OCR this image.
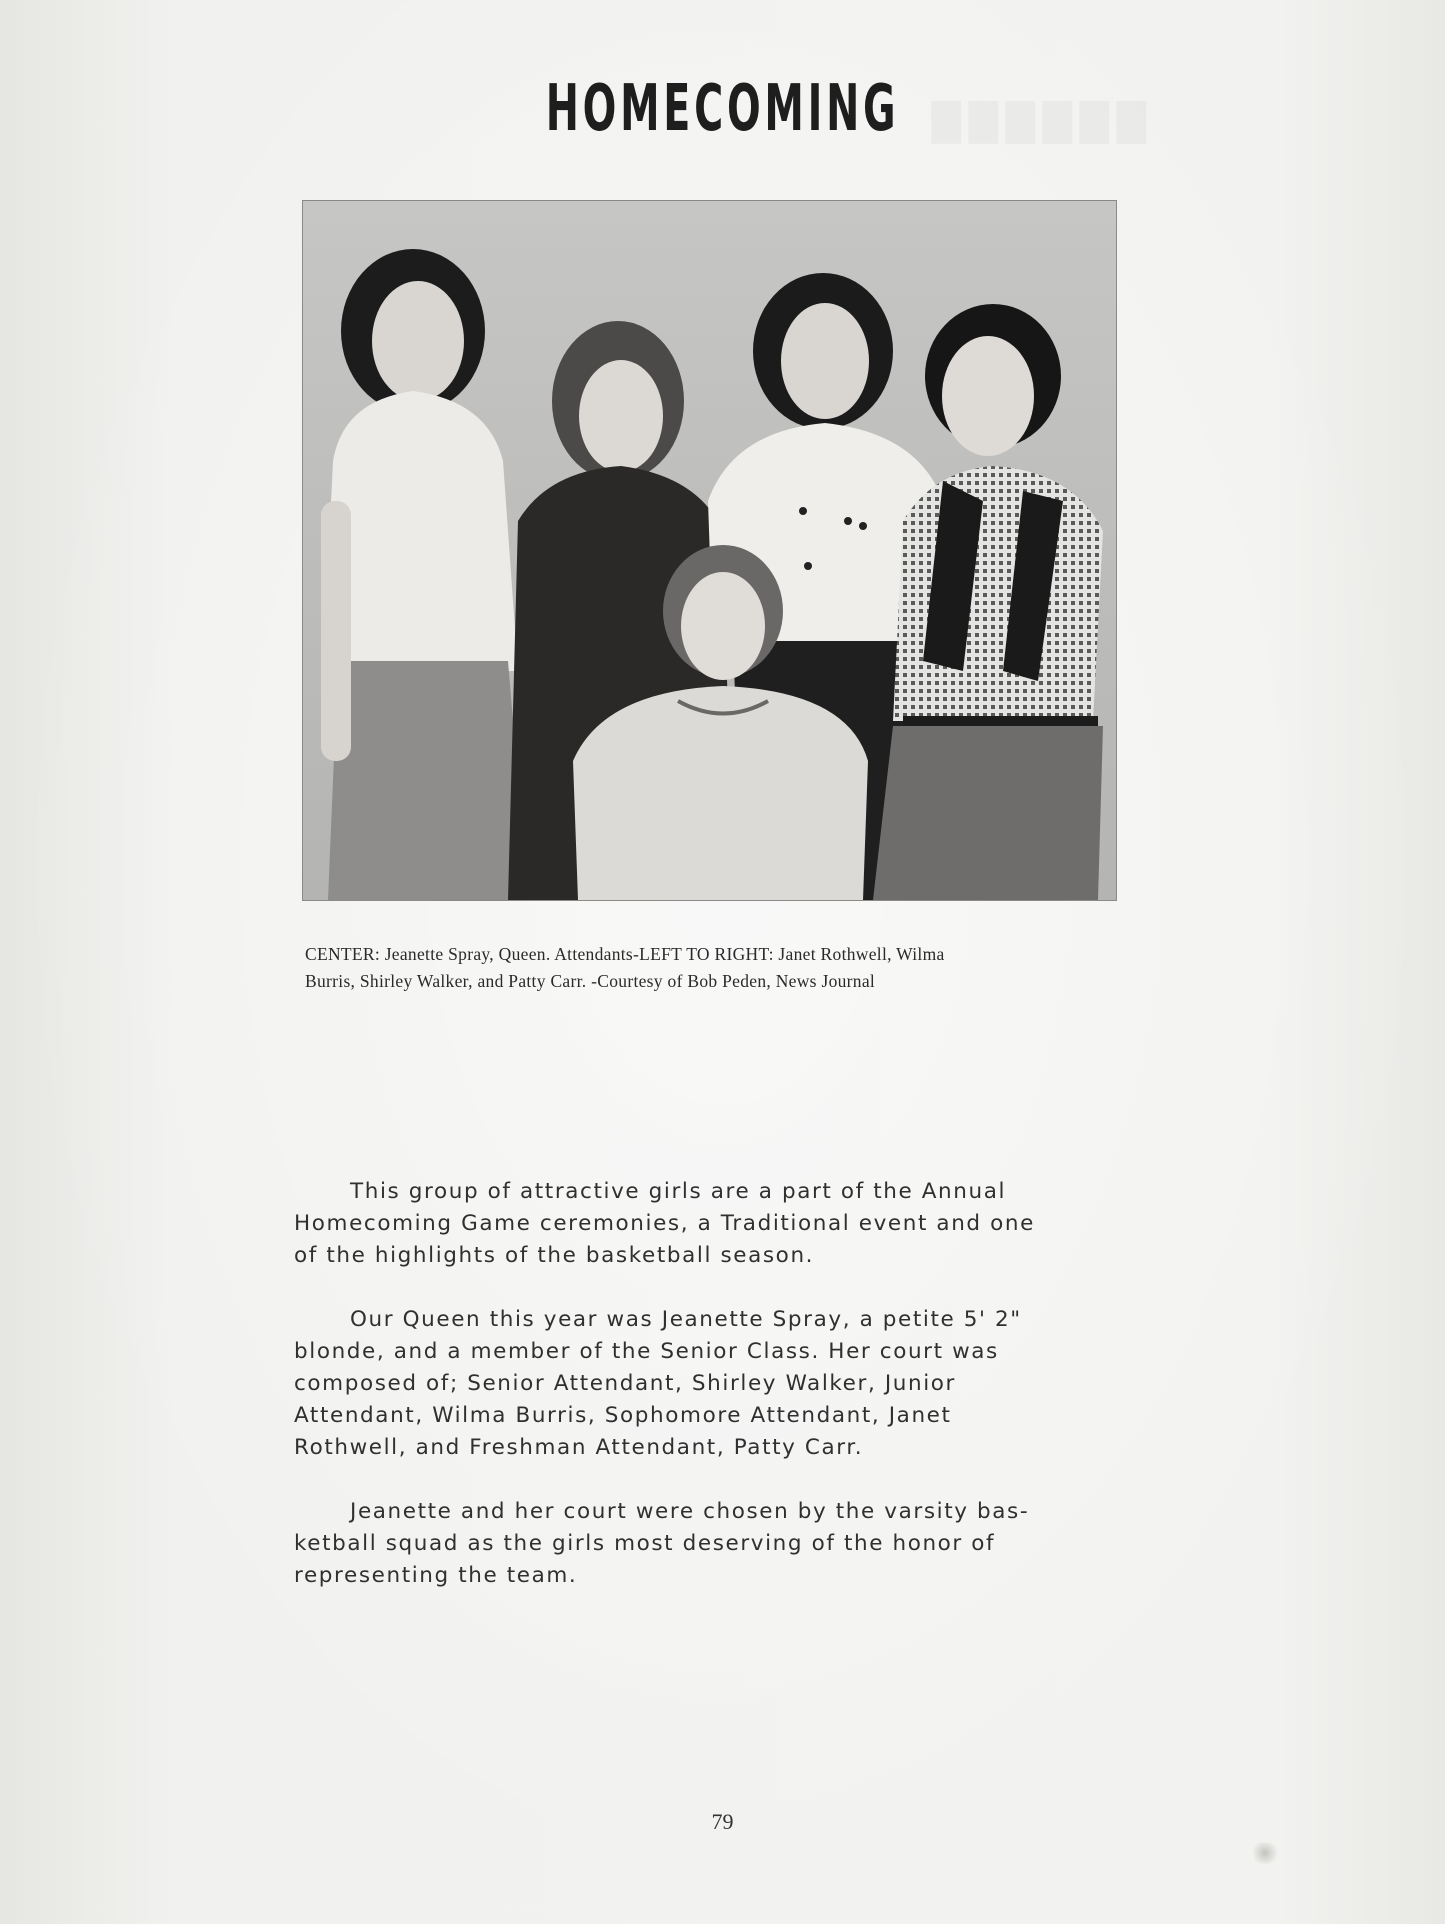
HOMECOMING

CENTER: Jeanette Spray, Queen. Attendants-LEFT TO RIGHT: Janet Rothwell, Wilma

Burris, Shirley Walker, and Patty Carr. -Courtesy of Bob Peden, News Journal

This group of attractive girls are a part of the Annual
Homecoming Game ceremonies, a Traditional event and one
of the highlights of the basketball season.
Our Queen this year was Jeanette Spray, a petite 5' 2"
blonde, and a member of the Senior Class. Her court was
composed of; Senior Attendant, Shirley Walker, Junior
Attendant, Wilma Burris, Sophomore Attendant, Janet
Rothwell, and Freshman Attendant, Patty Carr.
Jeanette and her court were chosen by the varsity bas-
ketball squad as the girls most deserving of the honor of
representing the team.
79
